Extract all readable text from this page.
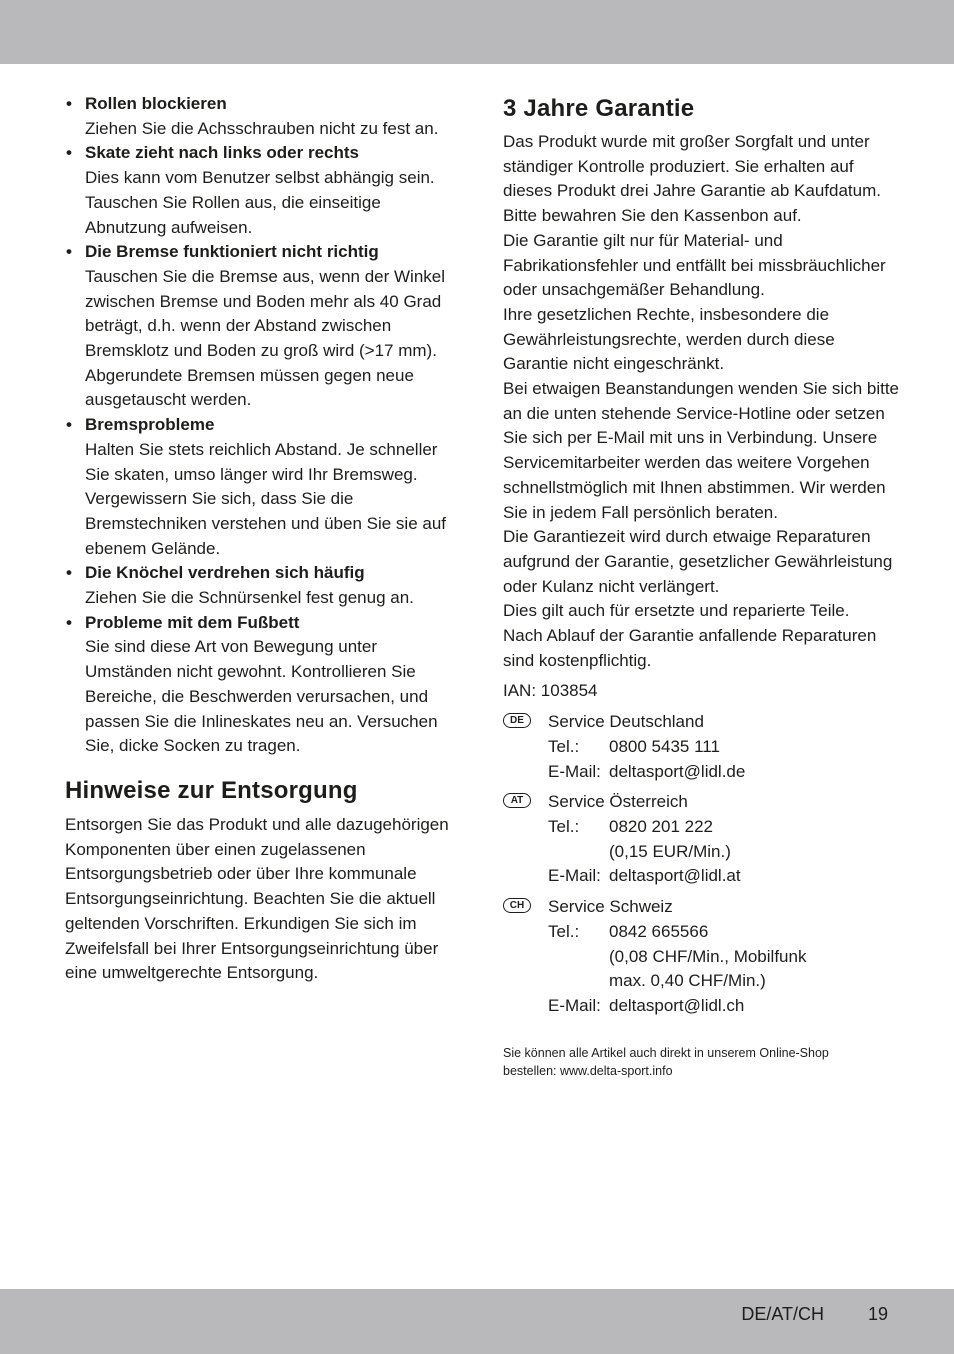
• Rollen blockieren

Ziehen Sie die Achsschrauben nicht zu fest an.

• Skate zieht nach links oder rechts

Dies kann vom Benutzer selbst abhängig sein. Tauschen Sie Rollen aus, die einseitige Abnutzung aufweisen.

• Die Bremse funktioniert nicht richtig

Tauschen Sie die Bremse aus, wenn der Winkel zwischen Bremse und Boden mehr als 40 Grad beträgt, d.h. wenn der Abstand zwischen Bremsklotz und Boden zu groß wird (>17 mm). Abgerundete Bremsen müssen gegen neue ausgetauscht werden.

• Bremsprobleme

Halten Sie stets reichlich Abstand. Je schneller Sie skaten, umso länger wird Ihr Bremsweg. Vergewissern Sie sich, dass Sie die Bremstechniken verstehen und üben Sie sie auf ebenem Gelände.

• Die Knöchel verdrehen sich häufig

Ziehen Sie die Schnürsenkel fest genug an.

• Probleme mit dem Fußbett

Sie sind diese Art von Bewegung unter Umständen nicht gewohnt. Kontrollieren Sie Bereiche, die Beschwerden verursachen, und passen Sie die Inlineskates neu an. Versuchen Sie, dicke Socken zu tragen.

Hinweise zur Entsorgung

Entsorgen Sie das Produkt und alle dazugehörigen Komponenten über einen zugelassenen Entsorgungsbetrieb oder über Ihre kommunale Entsorgungseinrichtung. Beachten Sie die aktuell geltenden Vorschriften. Erkundigen Sie sich im Zweifelsfall bei Ihrer Entsorgungseinrichtung über eine umweltgerechte Entsorgung.

3 Jahre Garantie

Das Produkt wurde mit großer Sorgfalt und unter ständiger Kontrolle produziert. Sie erhalten auf dieses Produkt drei Jahre Garantie ab Kaufdatum. Bitte bewahren Sie den Kassenbon auf.

Die Garantie gilt nur für Material- und Fabrikationsfehler und entfällt bei missbräuchlicher oder unsachgemäßer Behandlung.

Ihre gesetzlichen Rechte, insbesondere die Gewährleistungsrechte, werden durch diese Garantie nicht eingeschränkt.

Bei etwaigen Beanstandungen wenden Sie sich bitte an die unten stehende Service-Hotline oder setzen Sie sich per E-Mail mit uns in Verbindung. Unsere Servicemitarbeiter werden das weitere Vorgehen schnellstmöglich mit Ihnen abstimmen. Wir werden Sie in jedem Fall persönlich beraten.

Die Garantiezeit wird durch etwaige Reparaturen aufgrund der Garantie, gesetzlicher Gewährleistung oder Kulanz nicht verlängert.

Dies gilt auch für ersetzte und reparierte Teile.

Nach Ablauf der Garantie anfallende Reparaturen sind kostenpflichtig.

IAN: 103854

DE	Service Deutschland
Tel.:	0800 5435 111
E-Mail: deltasport@lidl.de
AT	Service Österreich
Tel.:	0820 201 222
(0,15 EUR/Min.)
E-Mail: deltasport@lidl.at
CH	Service Schweiz
Tel.:	0842 665566
(0,08 CHF/Min., Mobilfunk
max. 0,40 CHF/Min.)
E-Mail: deltasport@lidl.ch
Sie können alle Artikel auch direkt in unserem Online-Shop
bestellen: www.delta-sport.info
DE/AT/CH 19
